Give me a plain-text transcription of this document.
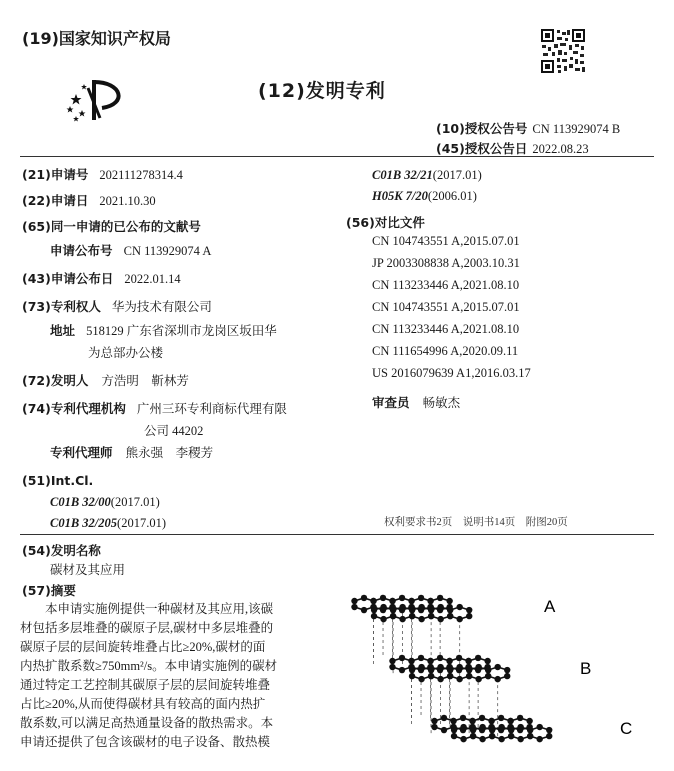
(19)国家知识产权局
(12)发明专利
(10)授权公告号 CN 113929074 B
(45)授权公告日 2022.08.23
(21)申请号 202111278314.4
(22)申请日 2021.10.30
(65)同一申请的已公布的文献号
申请公布号 CN 113929074 A
(43)申请公布日 2022.01.14
(73)专利权人 华为技术有限公司
地址 518129 广东省深圳市龙岗区坂田华
为总部办公楼
(72)发明人 方浩明　靳林芳
(74)专利代理机构 广州三环专利商标代理有限
公司 44202
专利代理师 熊永强　李稷芳
(51)Int.Cl.
C01B 32/00(2017.01)
C01B 32/205(2017.01)
C01B 32/21(2017.01)
H05K 7/20(2006.01)
(56)对比文件
CN 104743551 A,2015.07.01
JP 2003308838 A,2003.10.31
CN 113233446 A,2021.08.10
CN 104743551 A,2015.07.01
CN 113233446 A,2021.08.10
CN 111654996 A,2020.09.11
US 2016079639 A1,2016.03.17
审查员 畅敏杰
权利要求书2页　说明书14页　附图20页
(54)发明名称
碳材及其应用
(57)摘要
　　本申请实施例提供一种碳材及其应用,该碳
材包括多层堆叠的碳原子层,碳材中多层堆叠的
碳原子层的层间旋转堆叠占比≥20%,碳材的面
内热扩散系数≥750mm²/s。本申请实施例的碳材
通过特定工艺控制其碳原子层的层间旋转堆叠
占比≥20%,从而使得碳材具有较高的面内热扩
散系数,可以满足高热通量设备的散热需求。本
申请还提供了包含该碳材的电子设备、散热模
A
B
C
